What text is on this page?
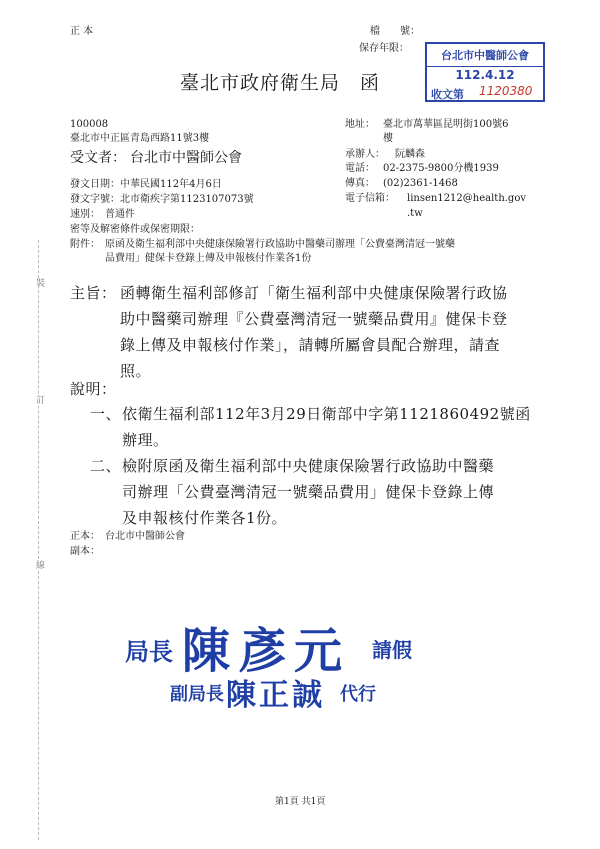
裝
訂
線
正 本	檔　　號：
保存年限：
台北市中醫師公會
112.4.12
收文第 1120380
臺北市政府衛生局　函
100008
臺北市中正區青島西路11號3樓
地址： 臺北市萬華區昆明街100號6
樓
承辦人： 阮麟森
電話： 02-2375-9800分機1939
傳真： (02)2361-1468
電子信箱： linsen1212@health.gov
.tw
受文者： 台北市中醫師公會
發文日期： 中華民國112年4月6日
發文字號： 北市衛疾字第1123107073號
速別： 普通件
密等及解密條件或保密期限：
附件： 原函及衛生福利部中央健康保險署行政協助中醫藥司辦理「公費臺灣清冠一號藥
品費用」健保卡登錄上傳及申報核付作業各1份
主旨： 函轉衛生福利部修訂「衛生福利部中央健康保險署行政協
助中醫藥司辦理『公費臺灣清冠一號藥品費用』健保卡登
錄上傳及申報核付作業」，請轉所屬會員配合辦理，請查
照。
說明：
一、 依衛生福利部112年3月29日衛部中字第1121860492號函
辦理。
二、 檢附原函及衛生福利部中央健康保險署行政協助中醫藥
司辦理「公費臺灣清冠一號藥品費用」健保卡登錄上傳
及申報核付作業各1份。
正本： 台北市中醫師公會
副本：
局長 陳彥元 請假
副局長 陳正誠 代行
第1頁 共1頁
